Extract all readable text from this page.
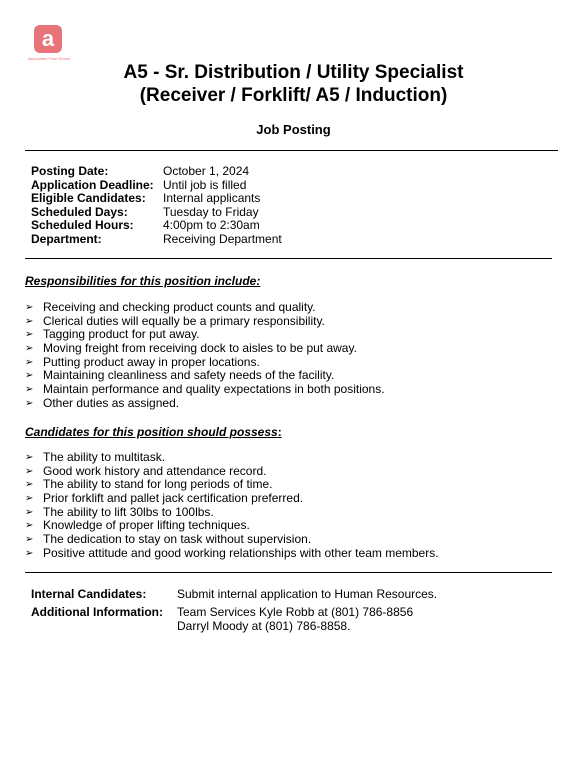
a
Associated Food Stores
A5 - Sr. Distribution / Utility Specialist
(Receiver / Forklift/ A5 / Induction)
Job Posting
Posting Date:	October 1, 2024
Application Deadline: Until job is filled
Eligible Candidates:	Internal applicants
Scheduled Days:	Tuesday to Friday
Scheduled Hours:	4:00pm to 2:30am
Department:	Receiving Department
Responsibilities for this position include:
➢ Receiving and checking product counts and quality.
➢ Clerical duties will equally be a primary responsibility.
➢ Tagging product for put away.
➢ Moving freight from receiving dock to aisles to be put away.
➢ Putting product away in proper locations.
➢ Maintaining cleanliness and safety needs of the facility.
➢ Maintain performance and quality expectations in both positions.
➢ Other duties as assigned.
Candidates for this position should possess:
➢ The ability to multitask.
➢ Good work history and attendance record.
➢ The ability to stand for long periods of time.
➢ Prior forklift and pallet jack certification preferred.
➢ The ability to lift 30lbs to 100lbs.
➢ Knowledge of proper lifting techniques.
➢ The dedication to stay on task without supervision.
➢ Positive attitude and good working relationships with other team members.
Internal Candidates:	Submit internal application to Human Resources.
Additional Information:	Team Services Kyle Robb at (801) 786-8856
Darryl Moody at (801) 786-8858.
